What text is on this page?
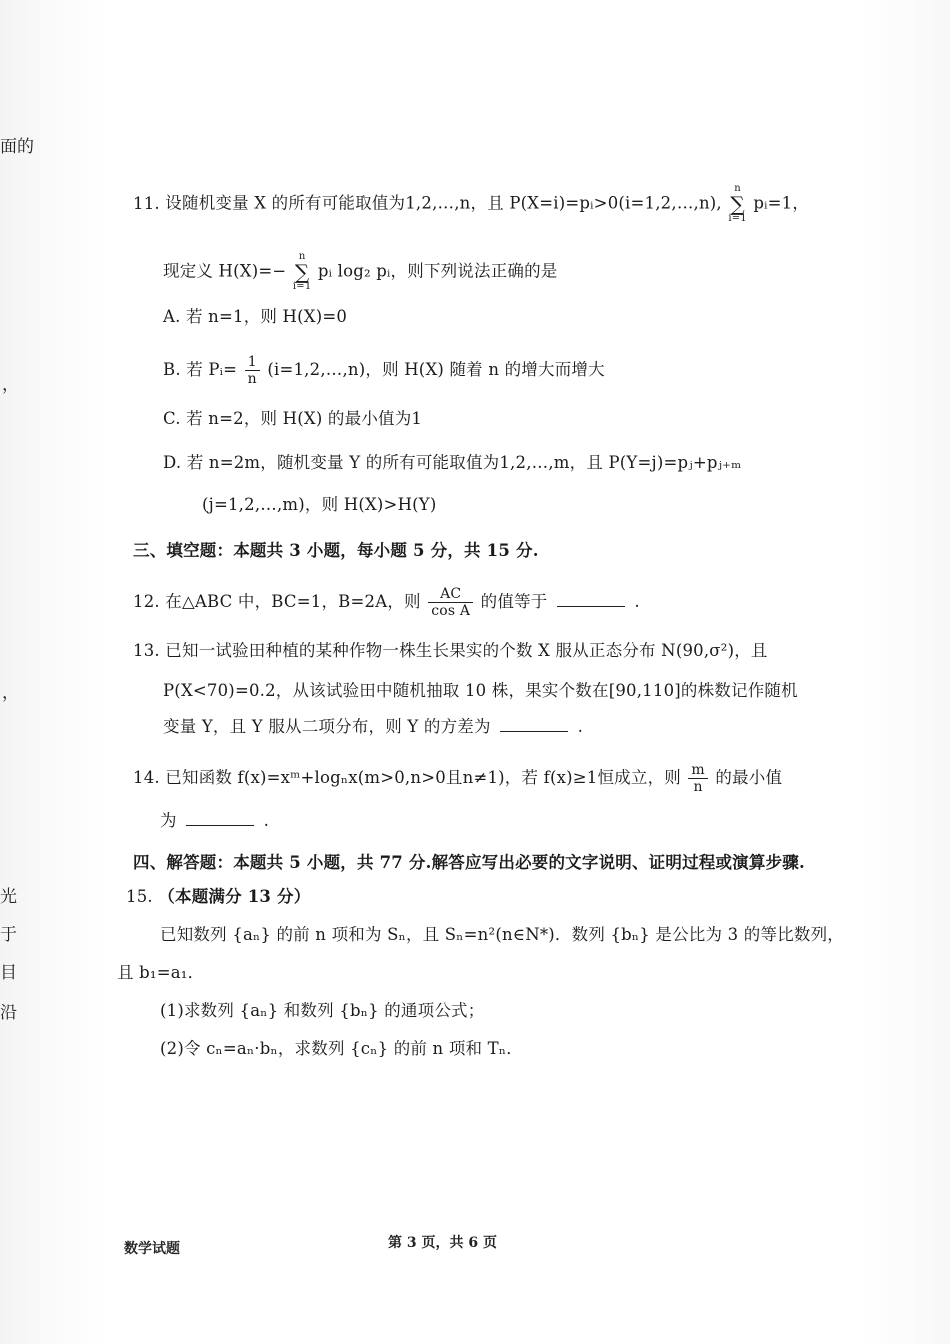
面的
，
，
光
于
目
沿
11. 设随机变量 X 的所有可能取值为1,2,…,n，且 P(X=i)=pᵢ>0(i=1,2,…,n), n
∑
i=1 pᵢ=1，
现定义 H(X)=− n
∑
i=1 pᵢ log₂ pᵢ，则下列说法正确的是
A. 若 n=1，则 H(X)=0
B. 若 Pᵢ= $\frac{1}{n}$ (i=1,2,…,n)，则 H(X) 随着 n 的增大而增大
C. 若 n=2，则 H(X) 的最小值为1
D. 若 n=2m，随机变量 Y 的所有可能取值为1,2,…,m，且 P(Y=j)=pⱼ+pⱼ₊ₘ
(j=1,2,…,m)，则 H(X)>H(Y)
三、填空题：本题共 3 小题，每小题 5 分，共 15 分.
12. 在△ABC 中，BC=1，B=2A，则 $\frac{AC}{\text{cos A}}$ 的值等于	.
13. 已知一试验田种植的某种作物一株生长果实的个数 X 服从正态分布 N(90,σ²)，且
P(X<70)=0.2，从该试验田中随机抽取 10 株，果实个数在[90,110]的株数记作随机
变量 Y，且 Y 服从二项分布，则 Y 的方差为	.
14. 已知函数 f(x)=xᵐ+logₙx(m>0,n>0且n≠1)，若 f(x)≥1恒成立，则 $\frac{m}{n}$ 的最小值
为	.
四、解答题：本题共 5 小题，共 77 分.解答应写出必要的文字说明、证明过程或演算步骤.
15. （本题满分 13 分）
已知数列 {aₙ} 的前 n 项和为 Sₙ，且 Sₙ=n²(n∈N*)．数列 {bₙ} 是公比为 3 的等比数列，
且 b₁=a₁．
(1)求数列 {aₙ} 和数列 {bₙ} 的通项公式；
(2)令 cₙ=aₙ·bₙ，求数列 {cₙ} 的前 n 项和 Tₙ．
数学试题	第 3 页，共 6 页
